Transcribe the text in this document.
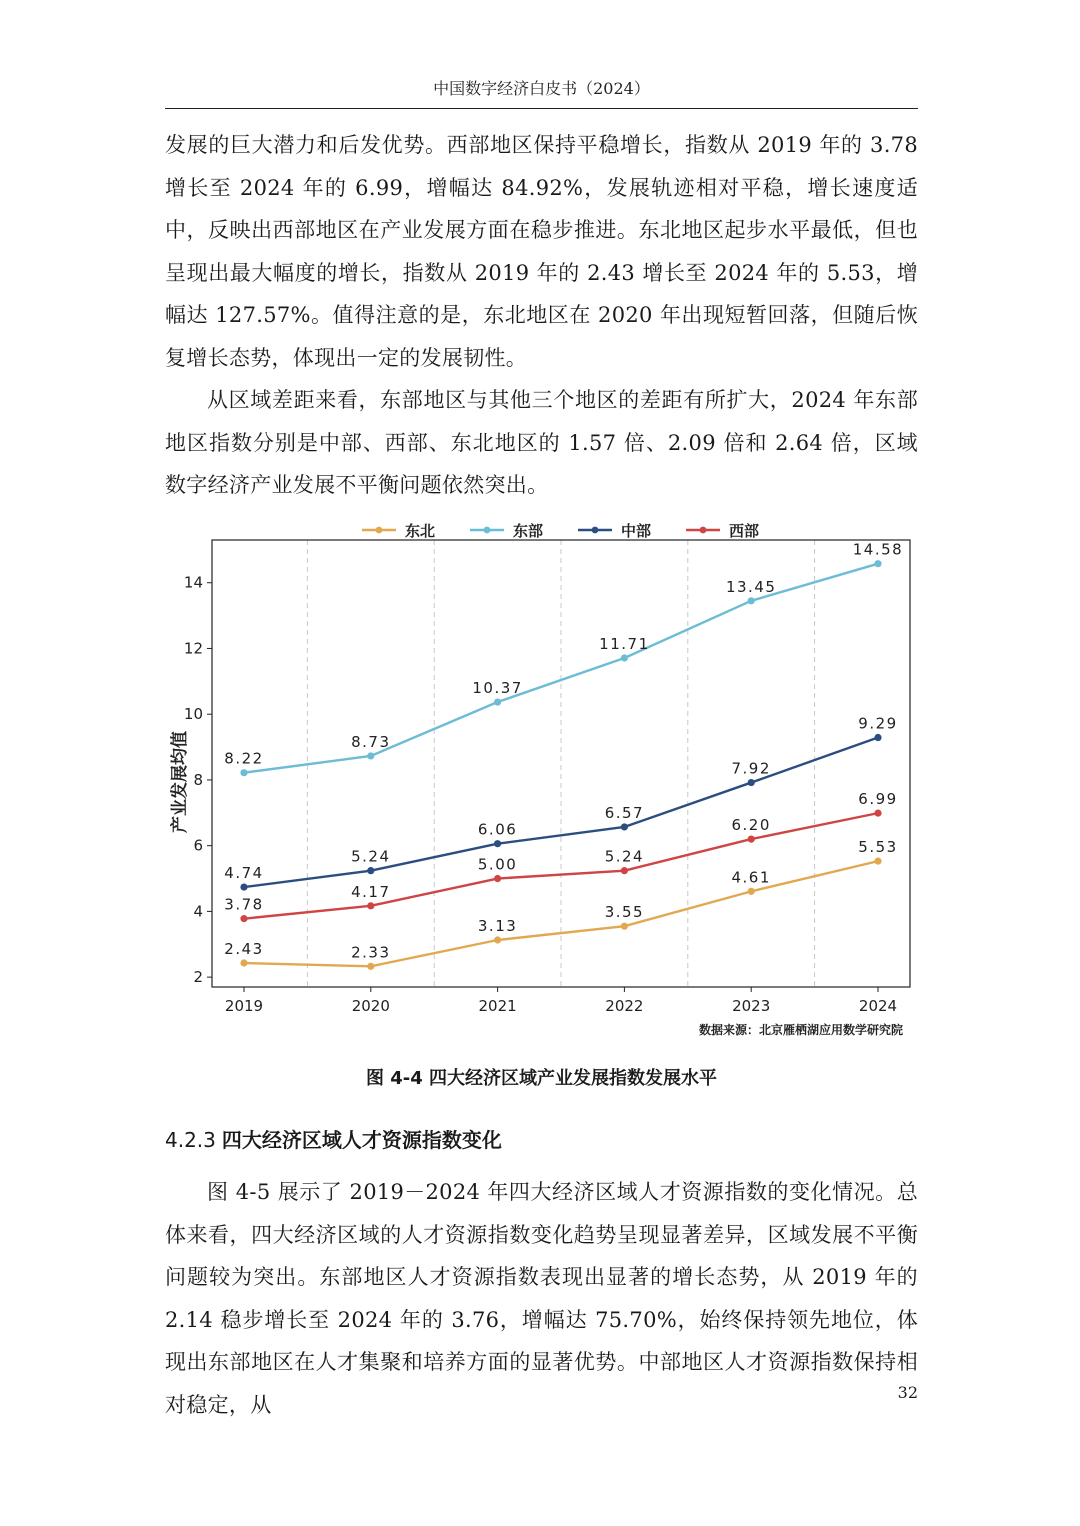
中国数字经济白皮书（2024）

发展的巨大潜力和后发优势。西部地区保持平稳增长，指数从 2019 年的 3.78 增长至 2024 年的 6.99，增幅达 84.92%，发展轨迹相对平稳，增长速度适中，反映出西部地区在产业发展方面在稳步推进。东北地区起步水平最低，但也呈现出最大幅度的增长，指数从 2019 年的 2.43 增长至 2024 年的 5.53，增幅达 127.57%。值得注意的是，东北地区在 2020 年出现短暂回落，但随后恢复增长态势，体现出一定的发展韧性。

从区域差距来看，东部地区与其他三个地区的差距有所扩大，2024 年东部地区指数分别是中部、西部、东北地区的 1.57 倍、2.09 倍和 2.64 倍，区域数字经济产业发展不平衡问题依然突出。

东北	东部	中部	西部
2
4
6
8
10
12
14
2019	2020	2021	2022	2023	2024
2.43	2.33
3.13
3.55
4.61
5.53
8.22
8.73
10.37
11.71
13.45
14.58
4.74
5.24
6.06
6.57
7.92
9.29
3.78
4.17
5.00	5.24
6.20
6.99
产业发展均值
数据来源：北京雁栖湖应用数学研究院
图 4-4 四大经济区域产业发展指数发展水平
4.2.3 四大经济区域人才资源指数变化

图 4-5 展示了 2019－2024 年四大经济区域人才资源指数的变化情况。总体来看，四大经济区域的人才资源指数变化趋势呈现显著差异，区域发展不平衡问题较为突出。东部地区人才资源指数表现出显著的增长态势，从 2019 年的 2.14 稳步增长至 2024 年的 3.76，增幅达 75.70%，始终保持领先地位，体现出东部地区在人才集聚和培养方面的显著优势。中部地区人才资源指数保持相对稳定，从	32
